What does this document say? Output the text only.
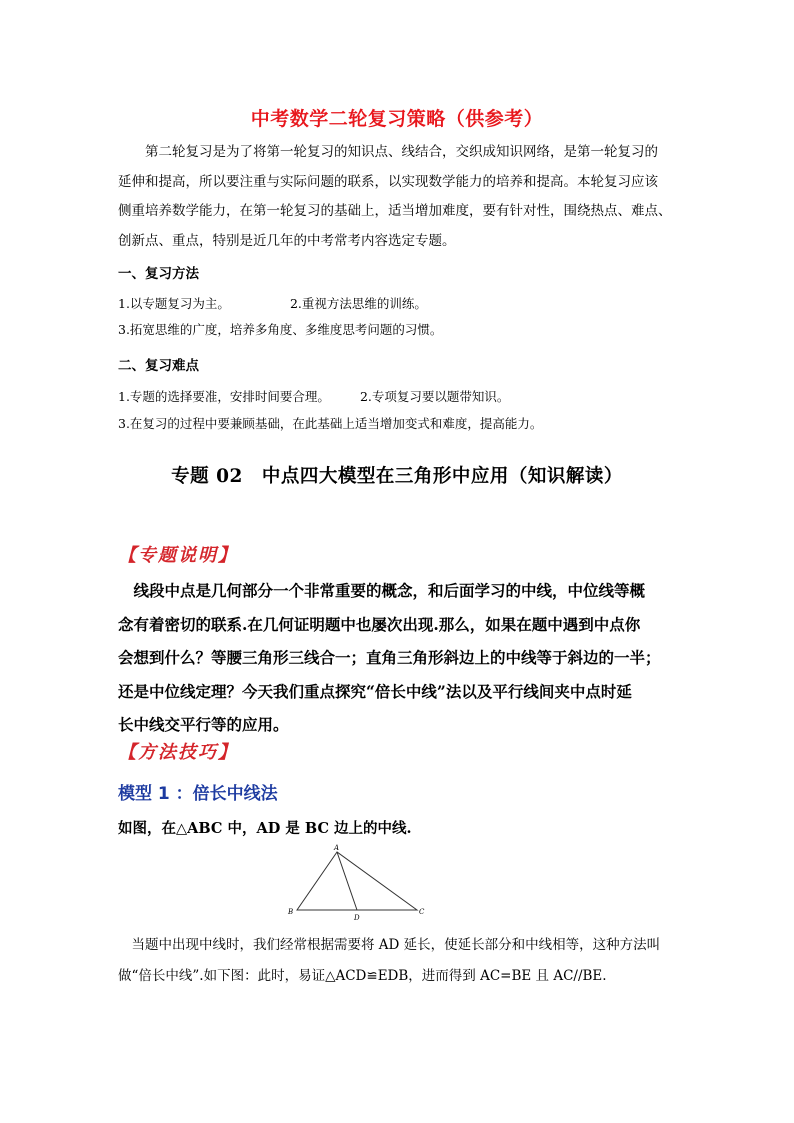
中考数学二轮复习策略（供参考）
　　第二轮复习是为了将第一轮复习的知识点、线结合，交织成知识网络，是第一轮复习的
延伸和提高，所以要注重与实际问题的联系，以实现数学能力的培养和提高。本轮复习应该
侧重培养数学能力，在第一轮复习的基础上，适当增加难度，要有针对性，围绕热点、难点、
创新点、重点，特别是近几年的中考常考内容选定专题。
一、复习方法
1.以专题复习为主。	2.重视方法思维的训练。
3.拓宽思维的广度，培养多角度、多维度思考问题的习惯。
二、复习难点
1.专题的选择要准，安排时间要合理。 2.专项复习要以题带知识。
3.在复习的过程中要兼顾基础，在此基础上适当增加变式和难度，提高能力。
专题 02　中点四大模型在三角形中应用（知识解读）
【专题说明】
　线段中点是几何部分一个非常重要的概念，和后面学习的中线，中位线等概
念有着密切的联系.在几何证明题中也屡次出现.那么，如果在题中遇到中点你
会想到什么？等腰三角形三线合一；直角三角形斜边上的中线等于斜边的一半；
还是中位线定理？今天我们重点探究“倍长中线”法以及平行线间夹中点时延
长中线交平行等的应用。
【方法技巧】
模型 1 ：倍长中线法
如图，在△ABC 中，AD 是 BC 边上的中线.
A
B	C
D
　当题中出现中线时，我们经常根据需要将 AD 延长，使延长部分和中线相等，这种方法叫
做“倍长中线”.如下图：此时，易证△ACD≌EDB，进而得到 AC=BE 且 AC//BE.
